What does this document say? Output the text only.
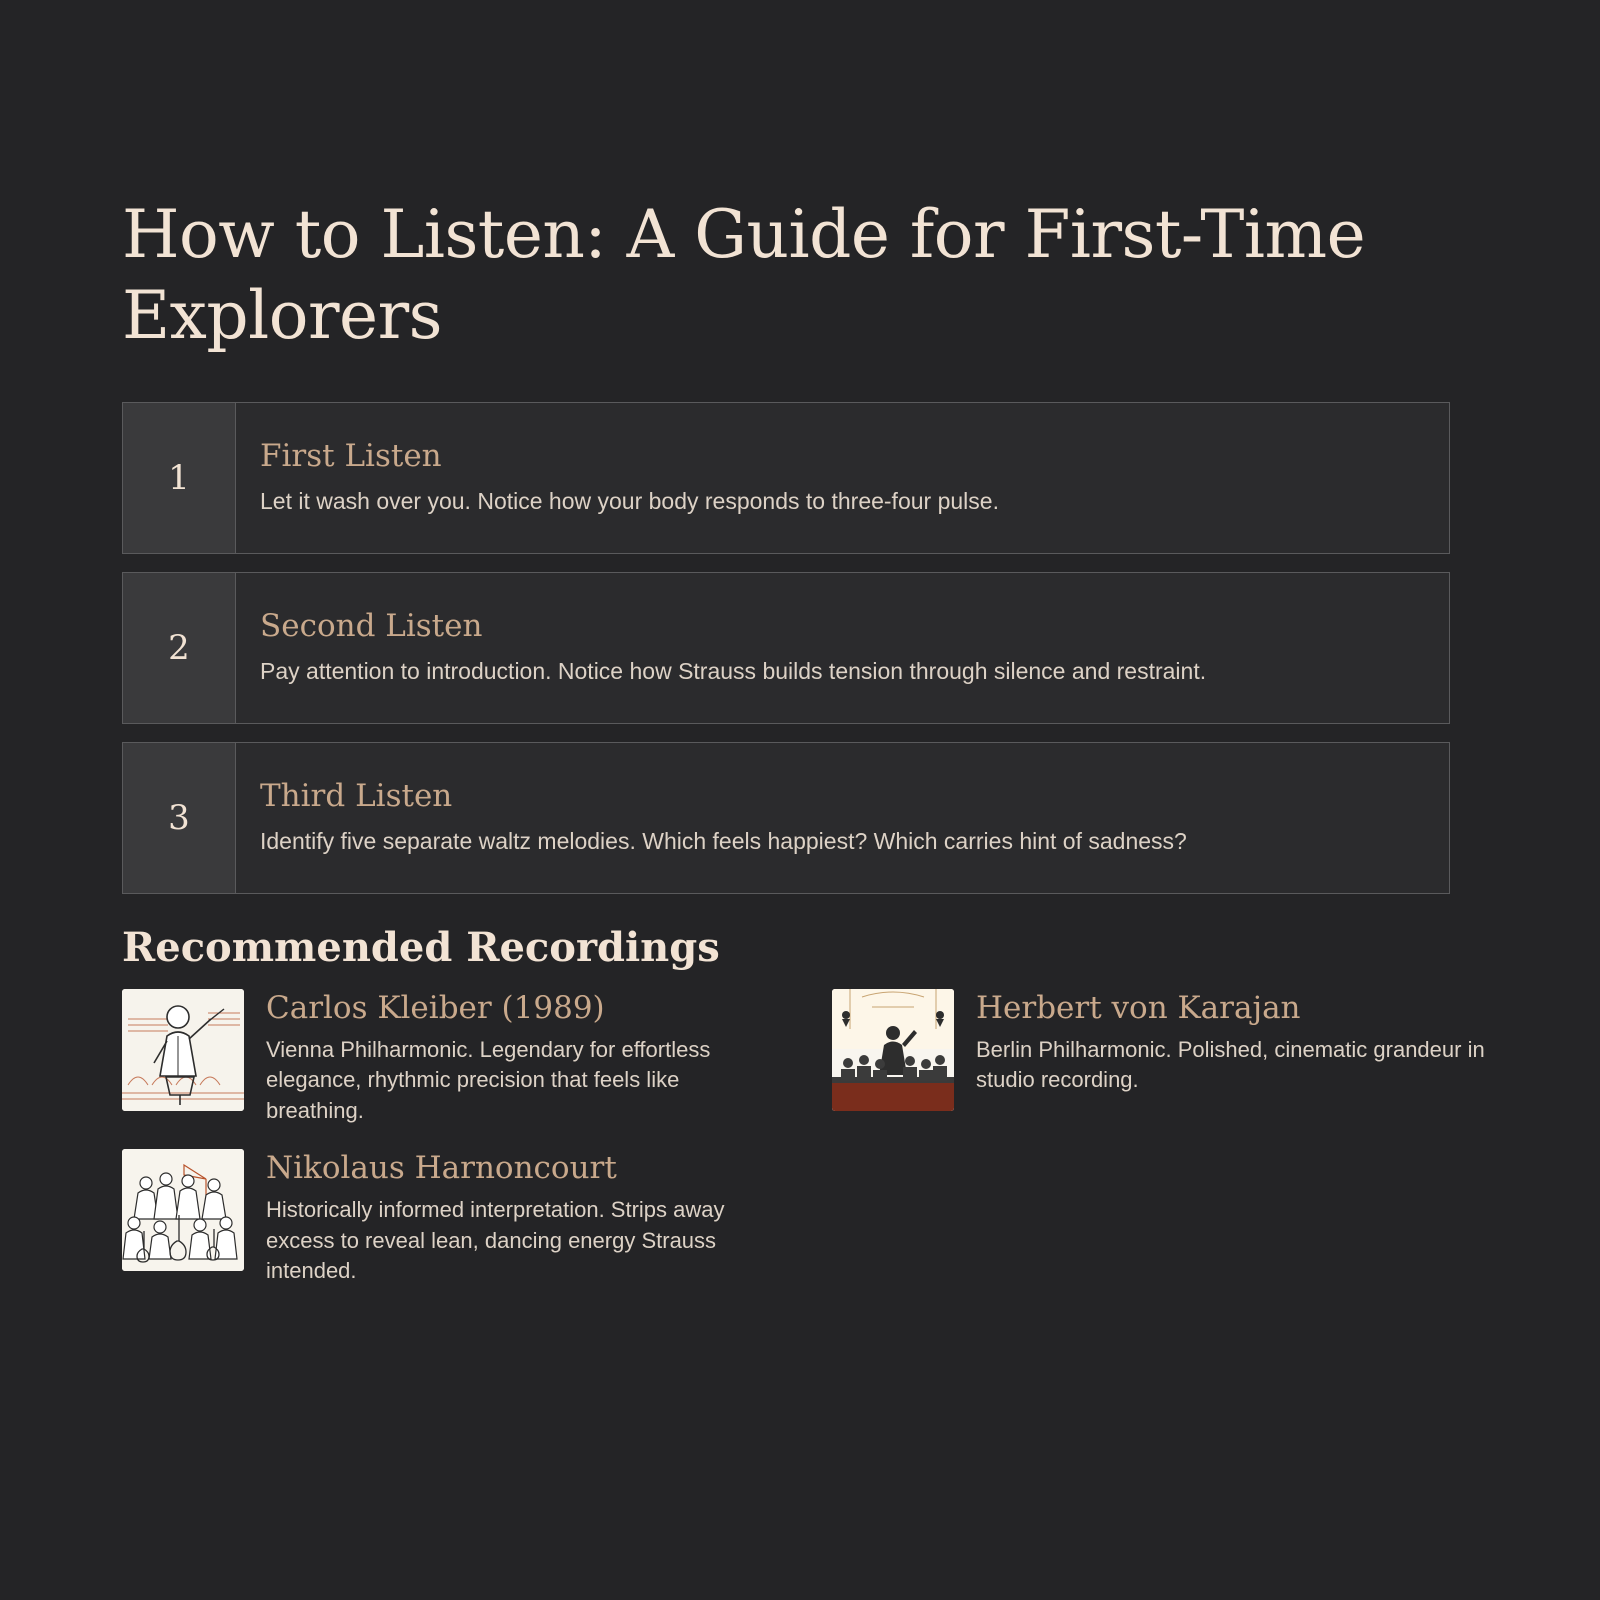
How to Listen: A Guide for First-Time Explorers
1
First Listen

Let it wash over you. Notice how your body responds to three-four pulse.

2
Second Listen

Pay attention to introduction. Notice how Strauss builds tension through silence and restraint.

3
Third Listen

Identify five separate waltz melodies. Which feels happiest? Which carries hint of sadness?

Recommended Recordings
Carlos Kleiber (1989)

Vienna Philharmonic. Legendary for effortless elegance, rhythmic precision that feels like breathing.

Herbert von Karajan

Berlin Philharmonic. Polished, cinematic grandeur in studio recording.

Nikolaus Harnoncourt

Historically informed interpretation. Strips away excess to reveal lean, dancing energy Strauss intended.
